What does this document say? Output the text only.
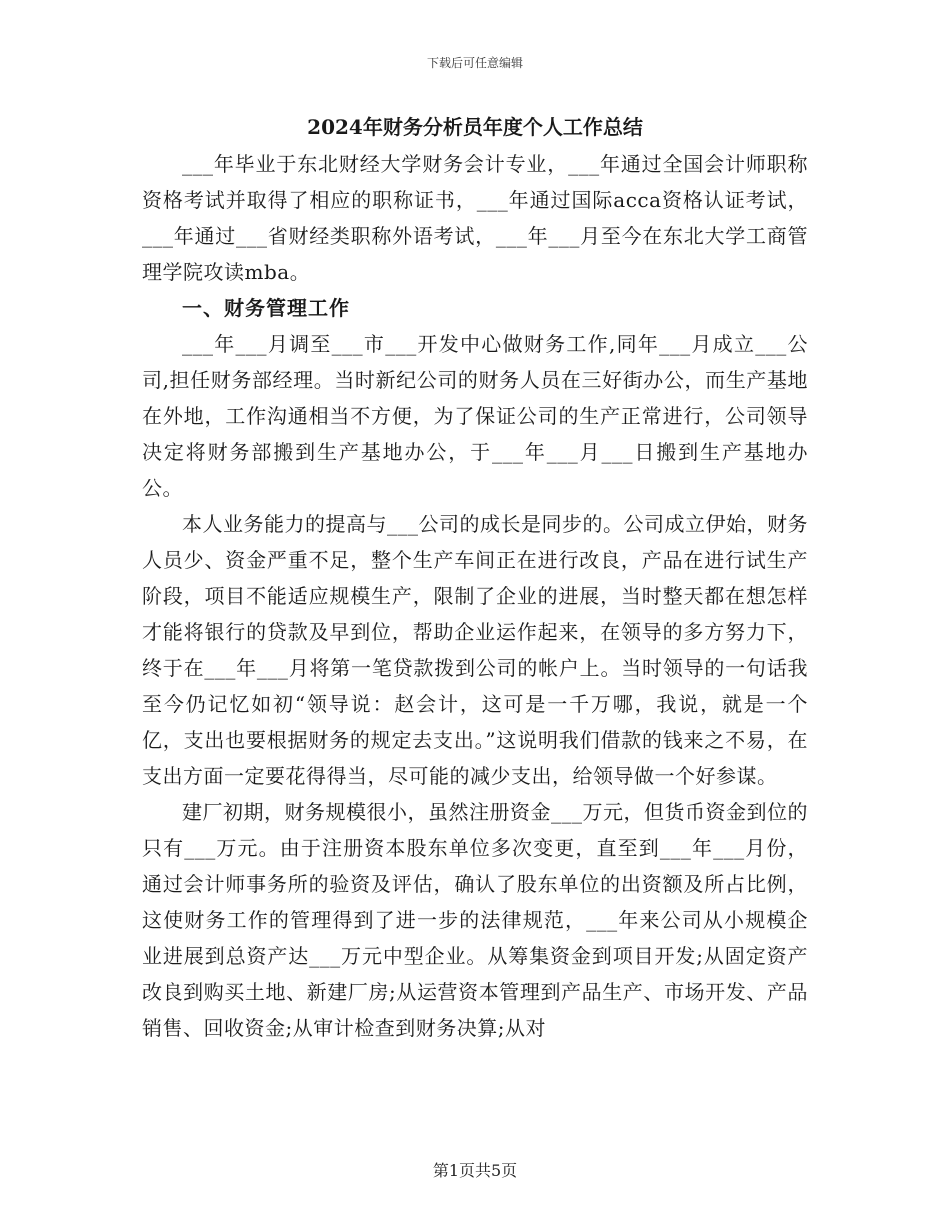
下载后可任意编辑
2024年财务分析员年度个人工作总结

___年毕业于东北财经大学财务会计专业，___年通过全国会计师职称资格考试并取得了相应的职称证书，___年通过国际acca资格认证考试，___年通过___省财经类职称外语考试，___年___月至今在东北大学工商管理学院攻读mba。

一、财务管理工作

___年___月调至___市___开发中心做财务工作,同年___月成立___公司,担任财务部经理。当时新纪公司的财务人员在三好街办公，而生产基地在外地，工作沟通相当不方便，为了保证公司的生产正常进行，公司领导决定将财务部搬到生产基地办公，于___年___月___日搬到生产基地办公。

本人业务能力的提高与___公司的成长是同步的。公司成立伊始，财务人员少、资金严重不足，整个生产车间正在进行改良，产品在进行试生产阶段，项目不能适应规模生产，限制了企业的进展，当时整天都在想怎样才能将银行的贷款及早到位，帮助企业运作起来，在领导的多方努力下，终于在___年___月将第一笔贷款拨到公司的帐户上。当时领导的一句话我至今仍记忆如初“领导说：赵会计，这可是一千万哪，我说，就是一个亿，支出也要根据财务的规定去支出。”这说明我们借款的钱来之不易，在支出方面一定要花得得当，尽可能的减少支出，给领导做一个好参谋。

建厂初期，财务规模很小，虽然注册资金___万元，但货币资金到位的只有___万元。由于注册资本股东单位多次变更，直至到___年___月份，通过会计师事务所的验资及评估，确认了股东单位的出资额及所占比例，这使财务工作的管理得到了进一步的法律规范，___年来公司从小规模企业进展到总资产达___万元中型企业。从筹集资金到项目开发;从固定资产改良到购买土地、新建厂房;从运营资本管理到产品生产、市场开发、产品销售、回收资金;从审计检查到财务决算;从对

第1页共5页
